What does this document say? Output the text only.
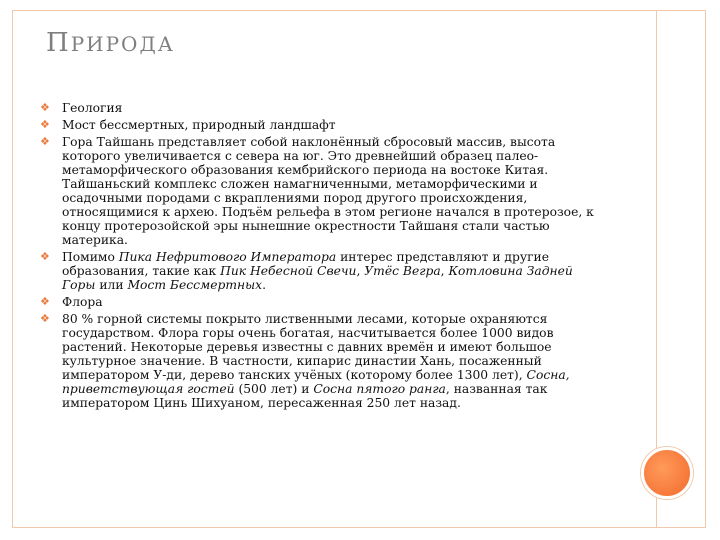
ПРИРОДА
❖ Геология
❖ Мост бессмертных, природный ландшафт
❖ Гора Тайшань представляет собой наклонённый сбросовый массив, высота которого увеличивается с севера на юг. Это древнейший образец палео-метаморфического образования кембрийского периода на востоке Китая. Тайшаньский комплекс сложен намагниченными, метаморфическими и осадочными породами с вкраплениями пород другого происхождения, относящимися к архею. Подъём рельефа в этом регионе начался в протерозое, к концу протерозойской эры нынешние окрестности Тайшаня стали частью материка.
❖ Помимо Пика Нефритового Императора интерес представляют и другие образования, такие как Пик Небесной Свечи, Утёс Вегра, Котловина Задней Горы или Мост Бессмертных.
❖ Флора
❖ 80 % горной системы покрыто лиственными лесами, которые охраняются государством. Флора горы очень богатая, насчитывается более 1000 видов растений. Некоторые деревья известны с давних времён и имеют большое культурное значение. В частности, кипарис династии Хань, посаженный императором У-ди, дерево танских учёных (которому более 1300 лет), Сосна, приветствующая гостей (500 лет) и Сосна пятого ранга, названная так императором Цинь Шихуаном, пересаженная 250 лет назад.
